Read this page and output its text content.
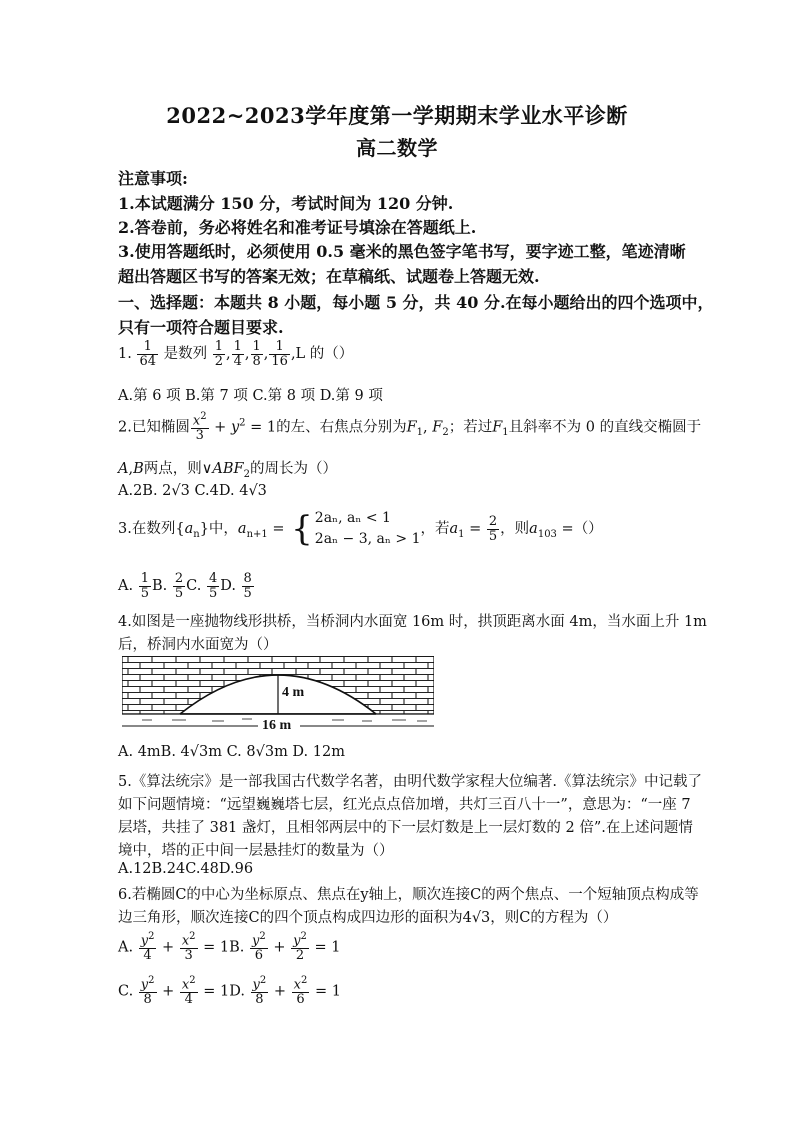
2022~2023学年度第一学期期末学业水平诊断
高二数学
注意事项:
1.本试题满分 150 分，考试时间为 120 分钟.
2.答卷前，务必将姓名和准考证号填涂在答题纸上.
3.使用答题纸时，必须使用 0.5 毫米的黑色签字笔书写，要字迹工整，笔迹清晰
超出答题区书写的答案无效；在草稿纸、试题卷上答题无效.
一、选择题：本题共 8 小题，每小题 5 分，共 40 分.在每小题给出的四个选项中，
只有一项符合题目要求.
1. $\frac{1}{64}$ 是数列 $\frac{1}{2}$ , $\frac{1}{4}$ , $\frac{1}{8}$ , $\frac{1}{16} ,L$ 的（）
A.第 6 项 B.第 7 项 C.第 8 项 D.第 9 项
2.已知椭圆 $\frac{x^2}{3} + y^2 = 1$的左、右焦点分别为$F_1$, $F_2$；若过$F_1$且斜率不为 0 的直线交椭圆于
A,B两点，则$\vee ABF_2$的周长为（）
A.2B. 2√3 C.4D. 4√3
3.在数列$\{a_n\}$中，$a_{n+1}$ = { 2aₙ, aₙ < 1
2aₙ − 3, aₙ > 1
，若$a_1 = \frac{2}{5}$ ，则$a_{103}$ =（）
A. $\frac{1}{5} B$. $\frac{2}{5} C$. $\frac{4}{5} D$. $\frac{8}{5}$
4.如图是一座抛物线形拱桥，当桥洞内水面宽 16m 时，拱顶距离水面 4m，当水面上升 1m
后，桥洞内水面宽为（）
4 m
16 m
A. 4mB. 4√3m C. 8√3m D. 12m
5.《算法统宗》是一部我国古代数学名著，由明代数学家程大位编著.《算法统宗》中记载了
如下问题情境：“远望巍巍塔七层，红光点点倍加增，共灯三百八十一”，意思为：“一座 7
层塔，共挂了 381 盏灯，且相邻两层中的下一层灯数是上一层灯数的 2 倍”.在上述问题情
境中，塔的正中间一层悬挂灯的数量为（）
A.12B.24C.48D.96
6.若椭圆C的中心为坐标原点、焦点在y轴上，顺次连接C的两个焦点、一个短轴顶点构成等
边三角形，顺次连接C的四个顶点构成四边形的面积为4√3，则C的方程为（）
A. $\frac{y^2}{4} + \frac{x^2}{3} = 1B$. $\frac{y^2}{6} + \frac{y^2}{2} = 1$
C. $\frac{y^2}{8} + \frac{x^2}{4} = 1D$. $\frac{y^2}{8} + \frac{x^2}{6} = 1$
